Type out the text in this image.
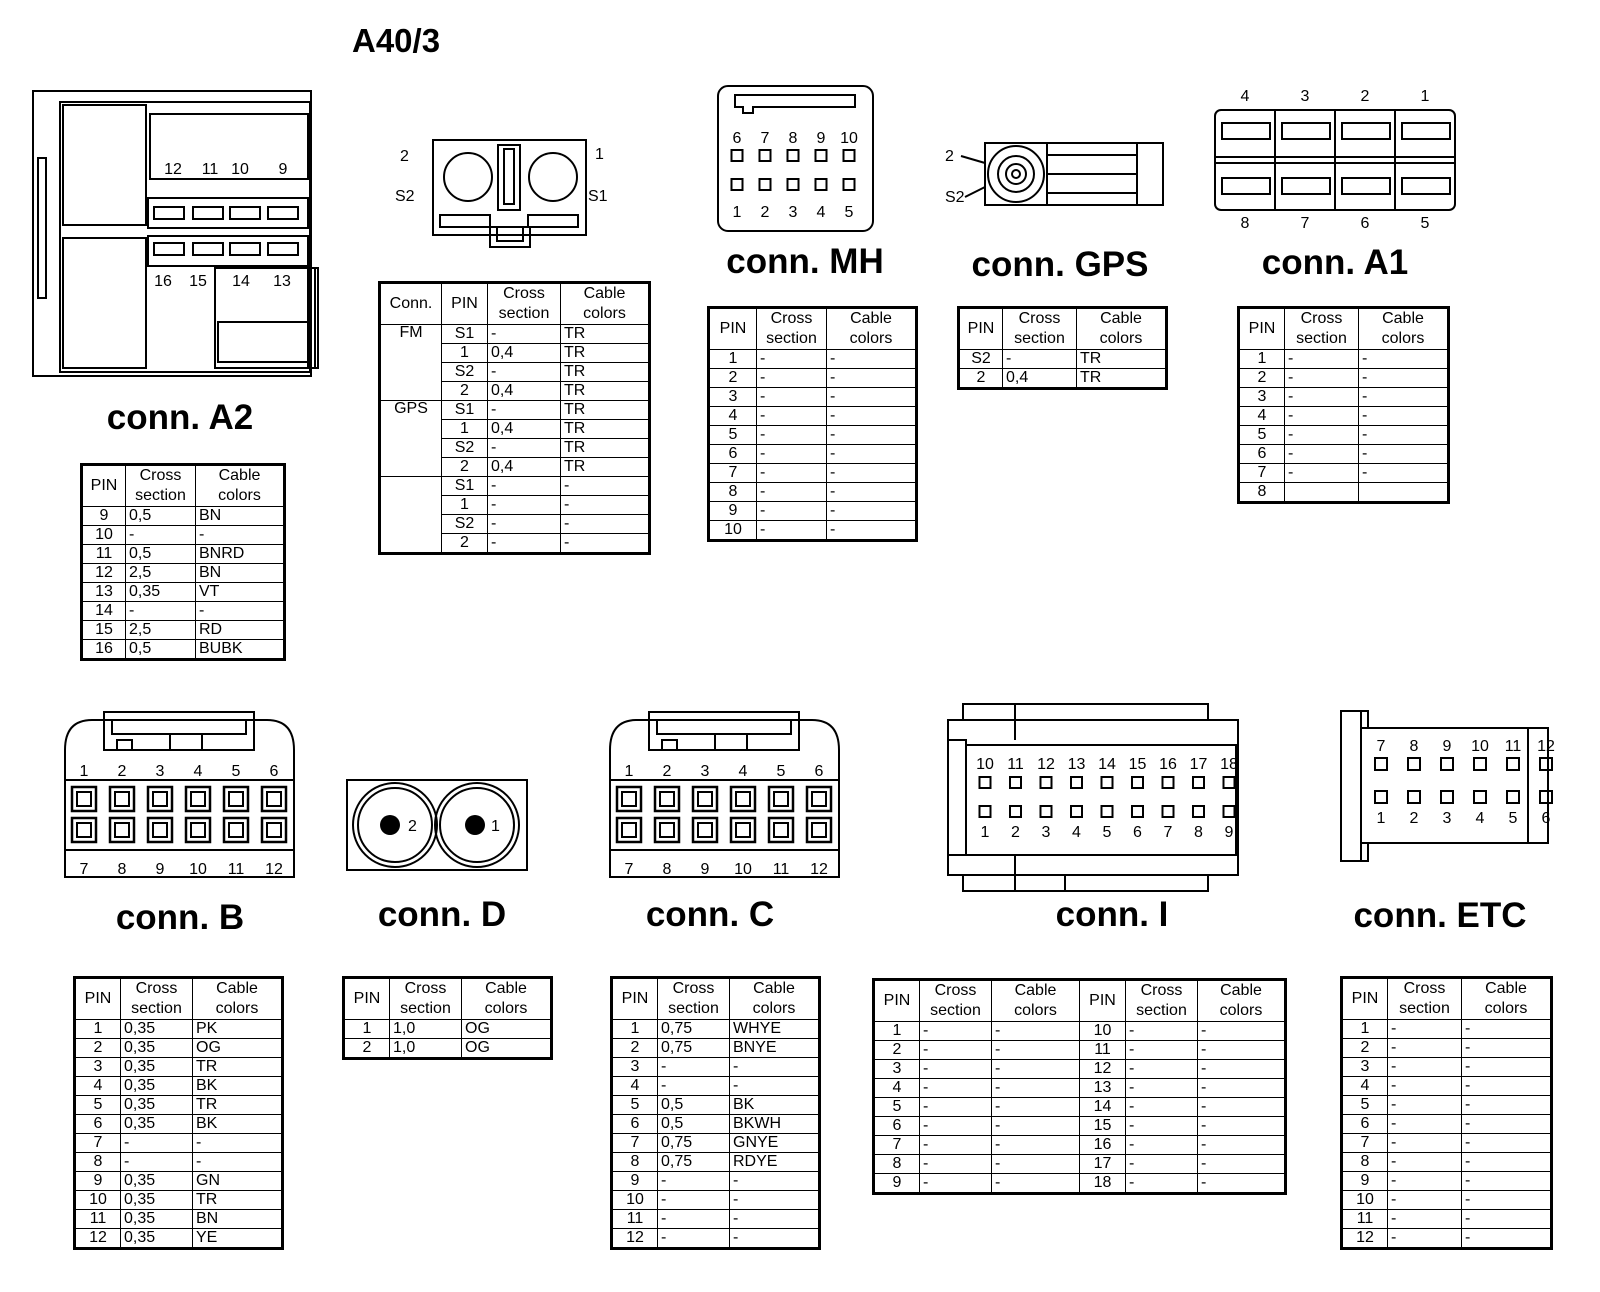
A40/3
12 11 10 9
16 15 14 13
conn. A2
PIN	Cross section	Cable colors
9	0,5	BN
10	-	-
11	0,5	BNRD
12	2,5	BN
13	0,35	VT
14	-	-
15	2,5	RD
16	0,5	BUBK
2
S2
1
S1
Conn.	PIN	Cross section	Cable colors
FM	S1	-	TR
	1	0,4	TR
	S2	-	TR
	2	0,4	TR
GPS	S1	-	TR
	1	0,4	TR
	S2	-	TR
	2	0,4	TR
	S1	-	-
	1	-	-
	S2	-	-
	2	-	-
6 7 8 9 10
1 2 3 4 5
conn. MH
PIN	Cross section	Cable colors
1	-	-
2	-	-
3	-	-
4	-	-
5	-	-
6	-	-
7	-	-
8	-	-
9	-	-
10	-	-
2
S2
conn. GPS
PIN	Cross section	Cable colors
S2	-	TR
2	0,4	TR
4	3	2	1
8	7	6	5
conn. A1
PIN	Cross section	Cable colors
1	-	-
2	-	-
3	-	-
4	-	-
5	-	-
6	-	-
7	-	-
8		
1 2 3 4 5 6
7 8 9 10 11 12
conn. B
PIN	Cross section	Cable colors
1	0,35	PK
2	0,35	OG
3	0,35	TR
4	0,35	BK
5	0,35	TR
6	0,35	BK
7	-	-
8	-	-
9	0,35	GN
10	0,35	TR
11	0,35	BN
12	0,35	YE
2	1
conn. D
PIN	Cross section	Cable colors
1	1,0	OG
2	1,0	OG
1 2 3 4 5 6
7 8 9 10 11 12
conn. C
PIN	Cross section	Cable colors
1	0,75	WHYE
2	0,75	BNYE
3	-	-
4	-	-
5	0,5	BK
6	0,5	BKWH
7	0,75	GNYE
8	0,75	RDYE
9	-	-
10	-	-
11	-	-
12	-	-
10 11 12 13 14 15 16 17 18
1 2 3 4 5 6 7 8 9
conn. I
PIN	Cross section	Cable colors	PIN	Cross section	Cable colors
1	-	-	10	-	-
2	-	-	11	-	-
3	-	-	12	-	-
4	-	-	13	-	-
5	-	-	14	-	-
6	-	-	15	-	-
7	-	-	16	-	-
8	-	-	17	-	-
9	-	-	18	-	-
7 8 9 10 11 12
1 2 3 4 5 6
conn. ETC
PIN	Cross section	Cable colors
1	-	-
2	-	-
3	-	-
4	-	-
5	-	-
6	-	-
7	-	-
8	-	-
9	-	-
10	-	-
11	-	-
12	-	-
